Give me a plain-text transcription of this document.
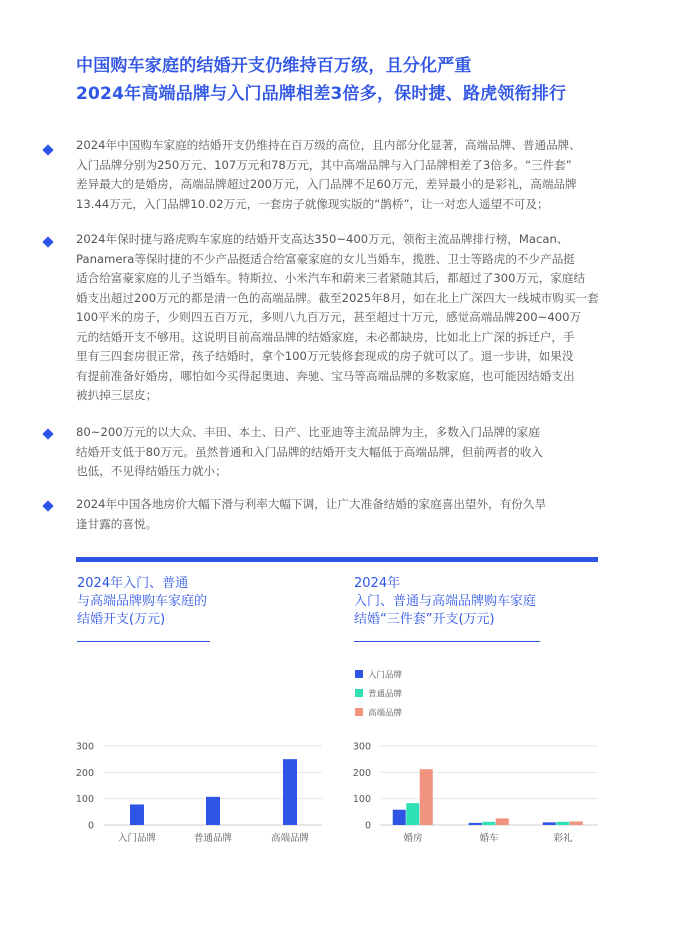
中国购车家庭的结婚开支仍维持百万级，且分化严重
2024年高端品牌与入门品牌相差3倍多，保时捷、路虎领衔排行
2024年中国购车家庭的结婚开支仍维持在百万级的高位，且内部分化显著，高端品牌、普通品牌、
入门品牌分别为250万元、107万元和78万元，其中高端品牌与入门品牌相差了3倍多。“三件套”
差异最大的是婚房，高端品牌超过200万元，入门品牌不足60万元，差异最小的是彩礼，高端品牌
13.44万元，入门品牌10.02万元，一套房子就像现实版的“鹊桥”，让一对恋人遥望不可及；
2024年保时捷与路虎购车家庭的结婚开支高达350~400万元，领衔主流品牌排行榜，Macan、
Panamera等保时捷的不少产品挺适合给富豪家庭的女儿当婚车，揽胜、卫士等路虎的不少产品挺
适合给富豪家庭的儿子当婚车。特斯拉、小米汽车和蔚来三者紧随其后，都超过了300万元，家庭结
婚支出超过200万元的都是清一色的高端品牌。截至2025年8月，如在北上广深四大一线城市购买一套
100平米的房子，少则四五百万元，多则八九百万元，甚至超过十万元，感觉高端品牌200~400万
元的结婚开支不够用。这说明目前高端品牌的结婚家庭，未必都缺房，比如北上广深的拆迁户，手
里有三四套房很正常，孩子结婚时，拿个100万元装修套现成的房子就可以了。退一步讲，如果没
有提前准备好婚房，哪怕如今买得起奥迪、奔驰、宝马等高端品牌的多数家庭，也可能因结婚支出
被扒掉三层皮；
80~200万元的以大众、丰田、本土、日产、比亚迪等主流品牌为主，多数入门品牌的家庭
结婚开支低于80万元。虽然普通和入门品牌的结婚开支大幅低于高端品牌，但前两者的收入
也低，不见得结婚压力就小；
2024年中国各地房价大幅下滑与利率大幅下调，让广大准备结婚的家庭喜出望外，有份久旱
逢甘露的喜悦。
2024年入门、普通
与高端品牌购车家庭的
结婚开支(万元)
2024年
入门、普通与高端品牌购车家庭
结婚“三件套”开支(万元)
300
200
100
0
入门品牌	普通品牌	高端品牌
入门品牌
普通品牌
高端品牌
300
200
100
0
婚房	婚车	彩礼
